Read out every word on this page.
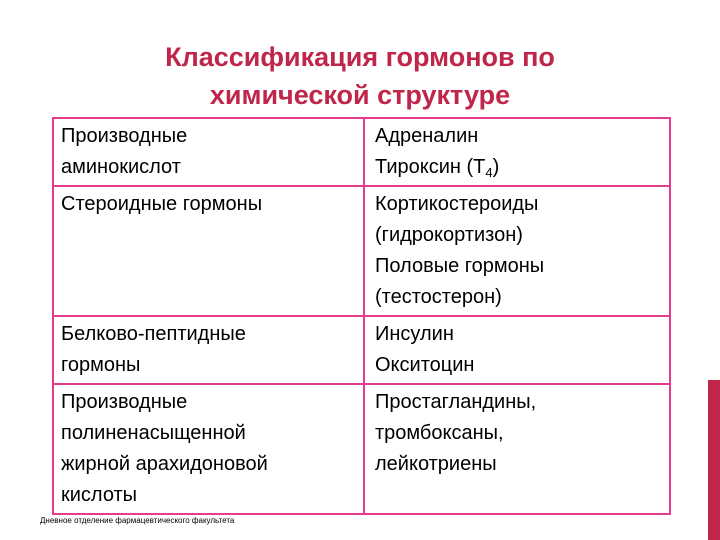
Классификация гормонов по
химической структуре
Производные
аминокислот	Адреналин
Тироксин $(Т_4)$

Стероидные гормоны	Кортикостероиды
(гидрокортизон)
Половые гормоны
(тестостерон)

Белково-пептидные
гормоны	Инсулин
Окситоцин

Производные
полиненасыщенной
жирной арахидоновой
кислоты	Простагландины,
тромбоксаны,
лейкотриены
Дневное отделение фармацевтического факультета
